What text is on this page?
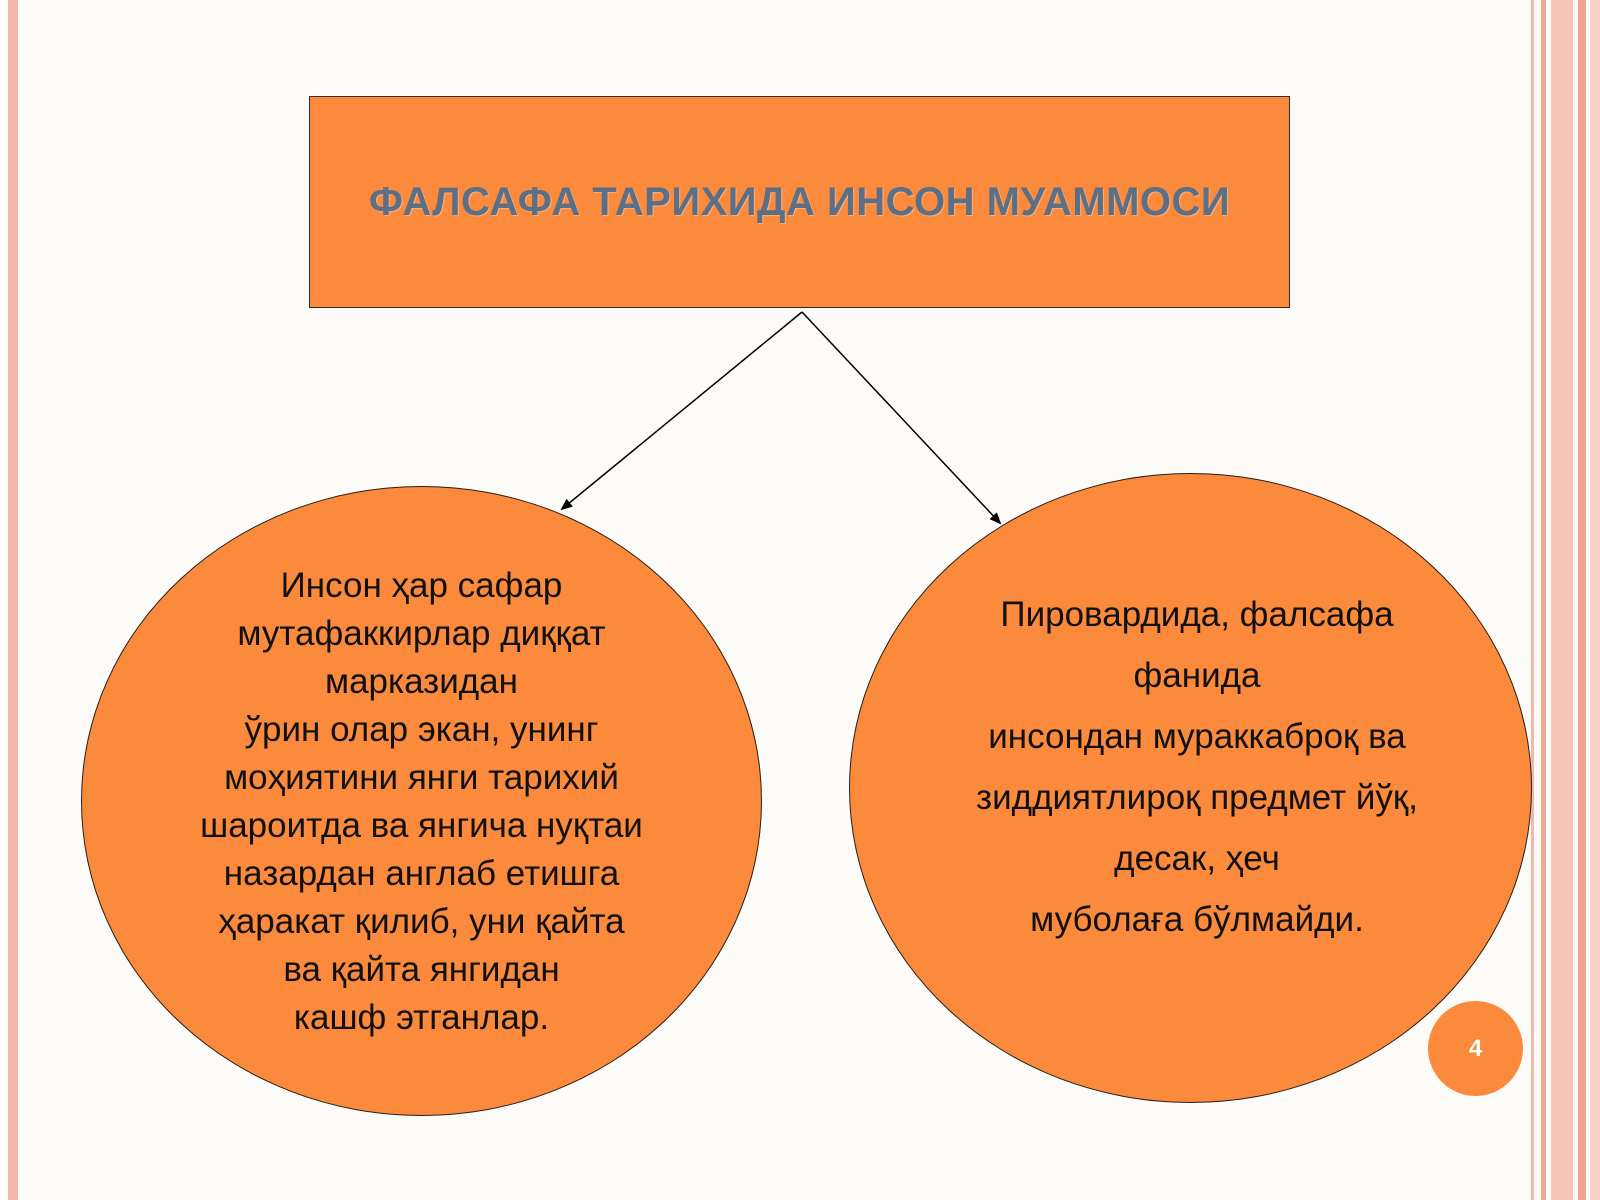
ФАЛСАФА ТАРИХИДА ИНСОН МУАММОСИ
Инсон ҳар сафар
мутафаккирлар диққат
марказидан
ўрин олар экан, унинг
моҳиятини янги тарихий
шароитда ва янгича нуқтаи
назардан англаб етишга
ҳаракат қилиб, уни қайта
ва қайта янгидан
кашф этганлар.
Пировардида, фалсафа
фанида
инсондан мураккаброқ ва
зиддиятлироқ предмет йўқ,
десак, ҳеч
муболаға бўлмайди.
4
